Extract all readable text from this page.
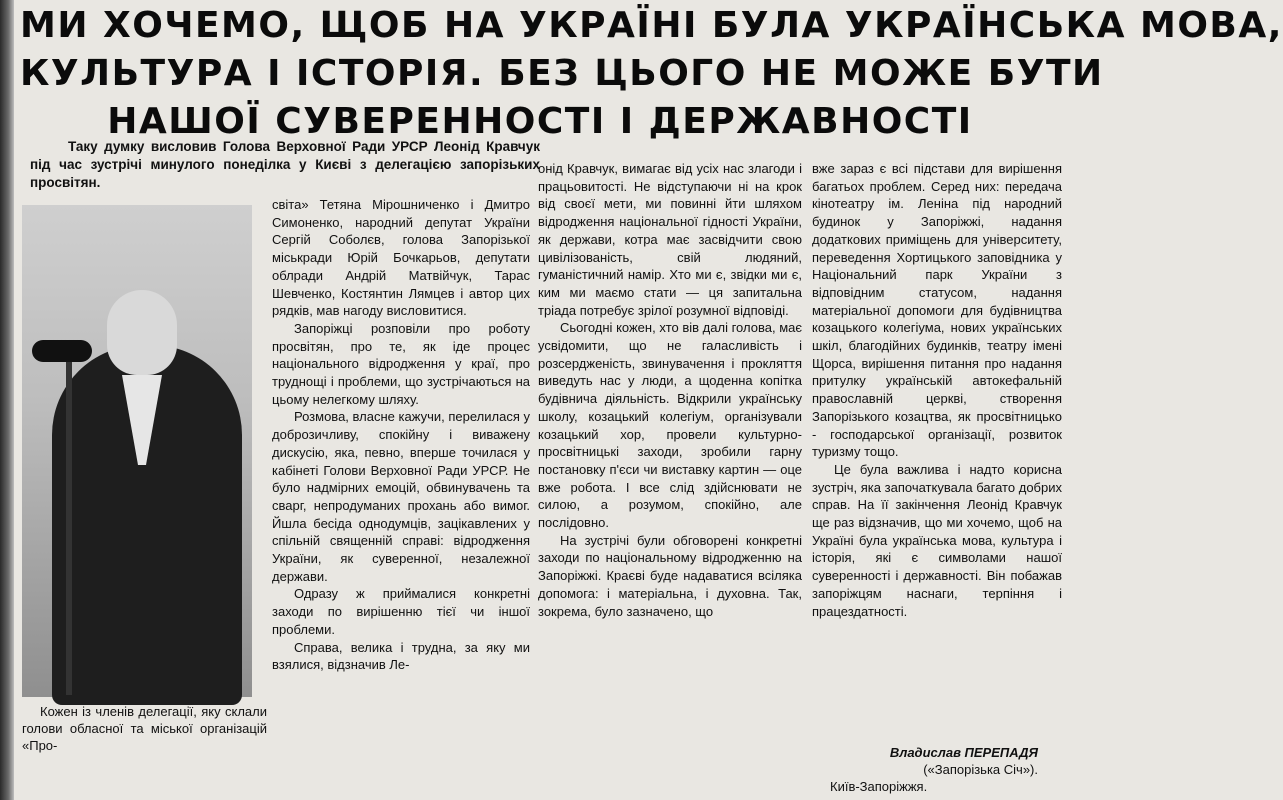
МИ ХОЧЕМО, ЩОБ НА УКРАЇНІ БУЛА УКРАЇНСЬКА МОВА,
КУЛЬТУРА І ІСТОРІЯ. БЕЗ ЦЬОГО НЕ МОЖЕ БУТИ
НАШОЇ СУВЕРЕННОСТІ І ДЕРЖАВНОСТІ
Таку думку висловив Голова Верховної Ради УРСР Леонід Кравчук під час зустрічі минулого понеділка у Києві з делегацією запорізьких просвітян.
Кожен із членів делегації, яку склали голови обласної та міської організацій «Про-

світа» Тетяна Мірошниченко і Дмитро Симоненко, народний депутат України Сергій Соболєв, голова Запорізької міськради Юрій Бочкарьов, депутати облради Андрій Матвійчук, Тарас Шевченко, Костянтин Лямцев і автор цих рядків, мав нагоду висловитися.

Запоріжці розповіли про роботу просвітян, про те, як іде процес національного відродження у краї, про труднощі і проблеми, що зустрічаються на цьому нелегкому шляху.

Розмова, власне кажучи, перелилася у доброзичливу, спокійну і виважену дискусію, яка, певно, вперше точилася у кабінеті Голови Верховної Ради УРСР. Не було надмірних емоцій, обвинувачень та сварг, непродуманих прохань або вимог. Йшла бесіда однодумців, зацікавлених у спільній священній справі: відродження України, як суверенної, незалежної держави.

Одразу ж приймалися конкретні заходи по вирішенню тієї чи іншої проблеми.

Справа, велика і трудна, за яку ми взялися, відзначив Ле-

онід Кравчук, вимагає від усіх нас злагоди і працьовитості. Не відступаючи ні на крок від своєї мети, ми повинні йти шляхом відродження національної гідності України, як держави, котра має засвідчити свою цивілізованість, свій людяний, гуманістичний намір. Хто ми є, звідки ми є, ким ми маємо стати — ця запитальна тріада потребує зрілої розумної відповіді.

Сьогодні кожен, хто вів далі голова, має усвідомити, що не галасливість і розсердженість, звинувачення і прокляття виведуть нас у люди, а щоденна копітка будівнича діяльність. Відкрили українську школу, козацький колегіум, організували козацький хор, провели культурно-просвітницькі заходи, зробили гарну постановку п'єси чи виставку картин — оце вже робота. І все слід здійснювати не силою, а розумом, спокійно, але послідовно.

На зустрічі були обговорені конкретні заходи по національному відродженню на Запоріжжі. Краєві буде надаватися всіляка допомога: і матеріальна, і духовна. Так, зокрема, було зазначено, що

вже зараз є всі підстави для вирішення багатьох проблем. Серед них: передача кінотеатру ім. Леніна під народний будинок у Запоріжжі, надання додаткових приміщень для університету, переведення Хортицького заповідника у Національний парк України з відповідним статусом, надання матеріальної допомоги для будівництва козацького колегіума, нових українських шкіл, благодійних будинків, театру імені Щорса, вирішення питання про надання притулку українській автокефальній православній церкві, створення Запорізького козацтва, як просвітницько - господарської організації, розвиток туризму тощо.

Це була важлива і надто корисна зустріч, яка започаткувала багато добрих справ. На її закінчення Леонід Кравчук ще раз відзначив, що ми хочемо, щоб на Україні була українська мова, культура і історія, які є символами нашої суверенності і державності. Він побажав запоріжцям наснаги, терпіння і працездатності.

Владислав ПЕРЕПАДЯ
(«Запорізька Січ»).
Київ-Запоріжжя.
